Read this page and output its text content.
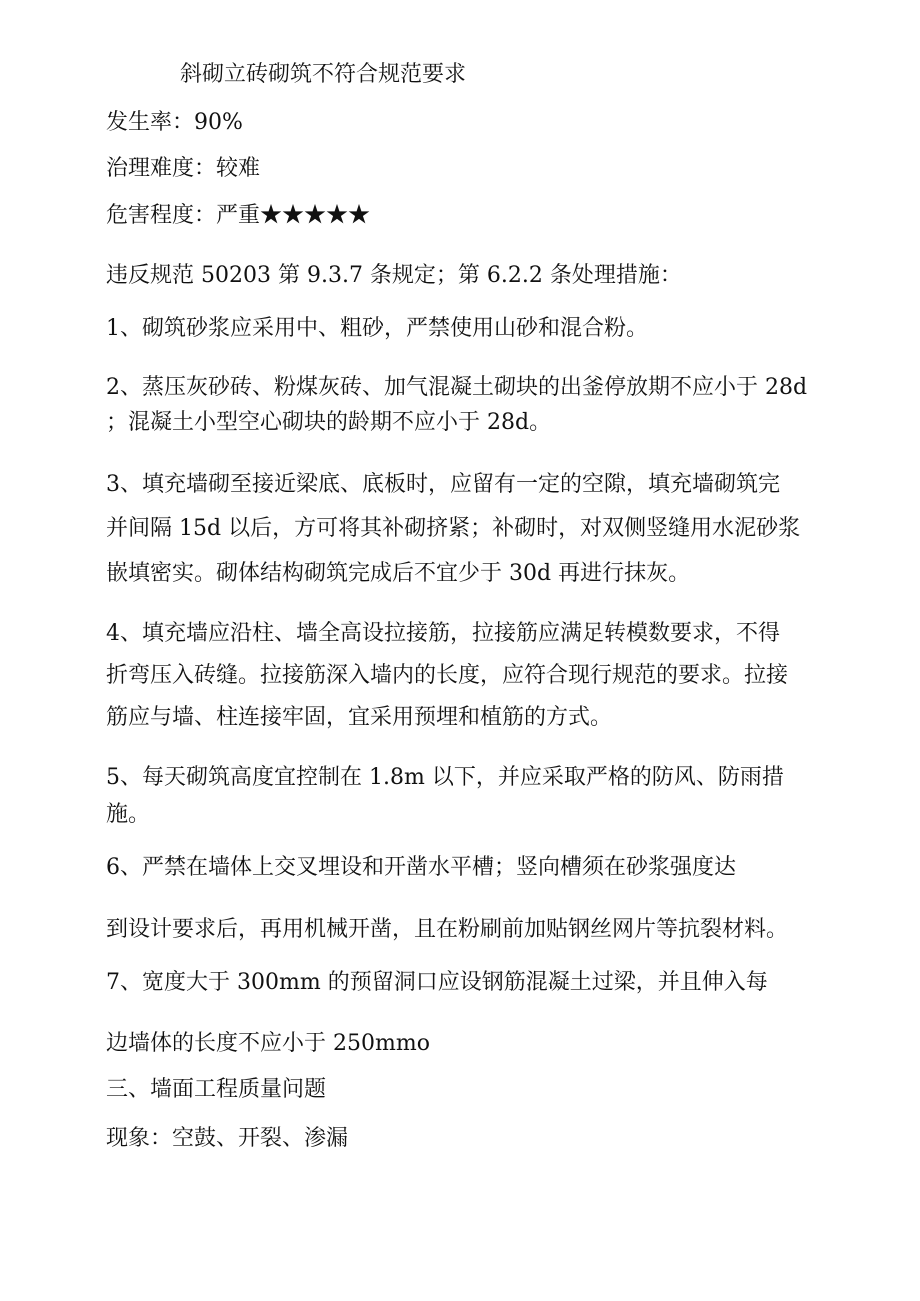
斜砌立砖砌筑不符合规范要求

发生率：90%

治理难度：较难

危害程度：严重★★★★★

违反规范 50203 第 9.3.7 条规定；第 6.2.2 条处理措施：

1、砌筑砂浆应采用中、粗砂，严禁使用山砂和混合粉。

2、蒸压灰砂砖、粉煤灰砖、加气混凝土砌块的出釜停放期不应小于 28d

；混凝土小型空心砌块的龄期不应小于 28d。

3、填充墙砌至接近梁底、底板时，应留有一定的空隙，填充墙砌筑完

并间隔 15d 以后，方可将其补砌挤紧；补砌时，对双侧竖缝用水泥砂浆

嵌填密实。砌体结构砌筑完成后不宜少于 30d 再进行抹灰。

4、填充墙应沿柱、墙全高设拉接筋，拉接筋应满足转模数要求，不得

折弯压入砖缝。拉接筋深入墙内的长度，应符合现行规范的要求。拉接

筋应与墙、柱连接牢固，宜采用预埋和植筋的方式。

5、每天砌筑高度宜控制在 1.8m 以下，并应采取严格的防风、防雨措

施。

6、严禁在墙体上交叉埋设和开凿水平槽；竖向槽须在砂浆强度达

到设计要求后，再用机械开凿，且在粉刷前加贴钢丝网片等抗裂材料。

7、宽度大于 300mm 的预留洞口应设钢筋混凝土过梁，并且伸入每

边墙体的长度不应小于 250mmo

三、墙面工程质量问题

现象：空鼓、开裂、渗漏
